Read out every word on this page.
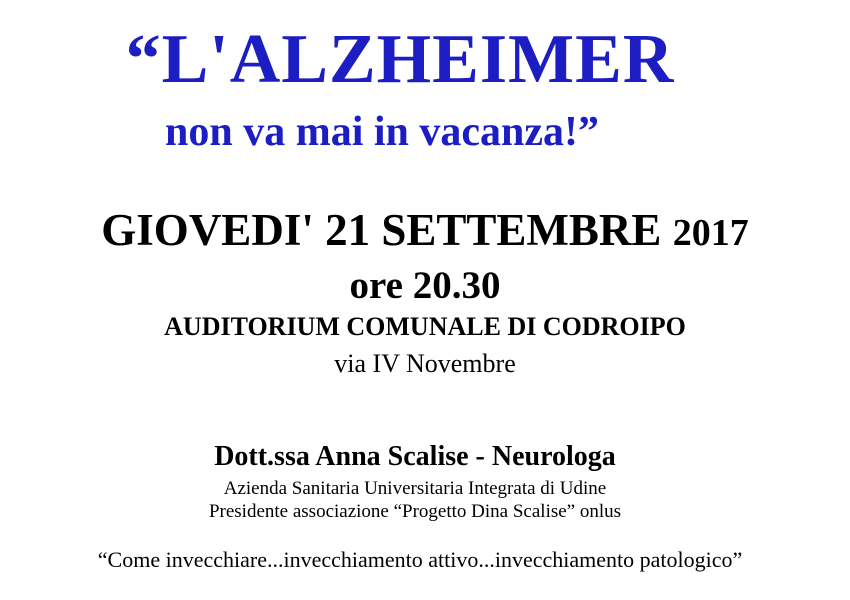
“L'ALZHEIMER
non va mai in vacanza!”
GIOVEDI' 21 SETTEMBRE 2017
ore 20.30
AUDITORIUM COMUNALE DI CODROIPO
via IV Novembre
Dott.ssa Anna Scalise - Neurologa
Azienda Sanitaria Universitaria Integrata di Udine
Presidente associazione “Progetto Dina Scalise” onlus
“Come invecchiare...invecchiamento attivo...invecchiamento patologico”
